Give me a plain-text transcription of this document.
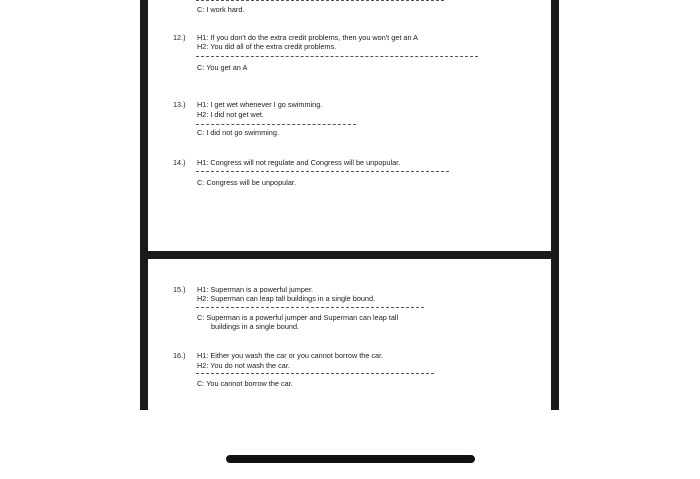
C: I work hard.
12.) H1: If you don't do the extra credit problems, then you won't get an A
H2: You did all of the extra credit problems.
C: You get an A
13.) H1: I get wet whenever I go swimming.
H2: I did not get wet.
C: I did not go swimming.
14.) H1: Congress will not regulate and Congress will be unpopular.
C: Congress will be unpopular.
15.) H1: Superman is a powerful jumper.
H2: Superman can leap tall buildings in a single bound.
C: Superman is a powerful jumper and Superman can leap tall
buildings in a single bound.
16.) H1: Either you wash the car or you cannot borrow the car.
H2: You do not wash the car.
C: You cannot borrow the car.
